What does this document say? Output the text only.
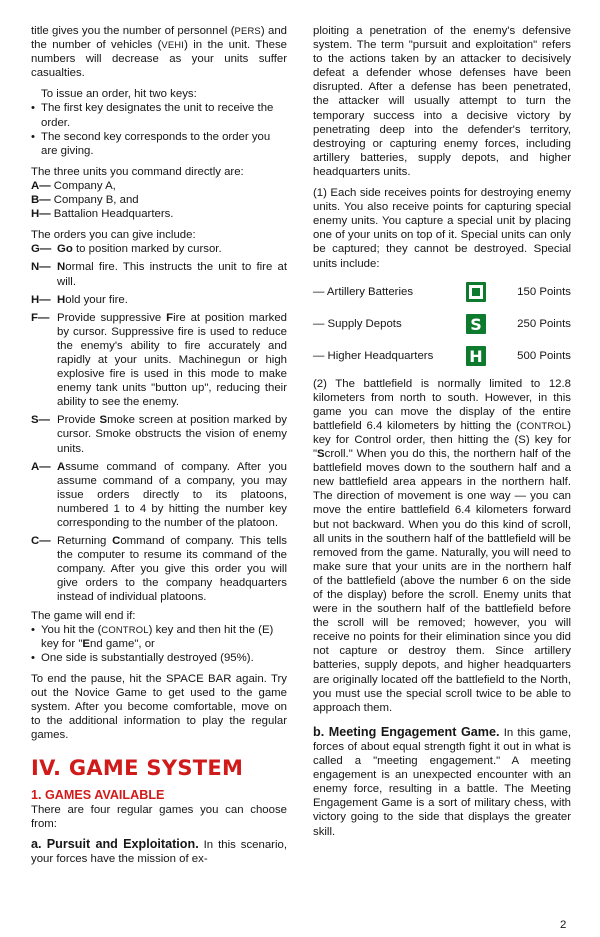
title gives you the number of personnel (PERS) and the number of vehicles (VEHI) in the unit. These numbers will decrease as your units suffer casualties.

To issue an order, hit two keys:

• The first key designates the unit to receive the order.
• The second key corresponds to the order you are giving.

The three units you command directly are:

A— Company A,
B— Company B, and
H— Battalion Headquarters.

The orders you can give include:

G— Go to position marked by cursor.
N— Normal fire. This instructs the unit to fire at will.
H— Hold your fire.
F— Provide suppressive Fire at position marked by cursor. Suppressive fire is used to reduce the enemy's ability to fire accurately and rapidly at your units. Machinegun or high explosive fire is used in this mode to make enemy tank units "button up", reducing their ability to see the enemy.
S— Provide Smoke screen at position marked by cursor. Smoke obstructs the vision of enemy units.
A— Assume command of company. After you assume command of a company, you may issue orders directly to its platoons, numbered 1 to 4 by hitting the number key corresponding to the number of the platoon.
C— Returning Command of company. This tells the computer to resume its command of the company. After you give this order you will give orders to the company headquarters instead of individual platoons.

The game will end if:

• You hit the (CONTROL) key and then hit the (E) key for "End game", or
• One side is substantially destroyed (95%).

To end the pause, hit the SPACE BAR again. Try out the Novice Game to get used to the game system. After you become comfortable, move on to the additional information to play the regular games.

IV. GAME SYSTEM

1. GAMES AVAILABLE

There are four regular games you can choose from:

a. Pursuit and Exploitation. In this scenario, your forces have the mission of ex-

ploiting a penetration of the enemy's defensive system. The term "pursuit and exploitation" refers to the actions taken by an attacker to decisively defeat a defender whose defenses have been disrupted. After a defense has been penetrated, the attacker will usually attempt to turn the temporary success into a decisive victory by penetrating deep into the defender's territory, destroying or capturing enemy forces, including artillery batteries, supply depots, and higher headquarters units.

(1) Each side receives points for destroying enemy units. You also receive points for capturing special enemy units. You capture a special unit by placing one of your units on top of it. Special units can only be captured; they cannot be destroyed. Special units include:

— Artillery Batteries	150 Points
— Supply Depots	S	250 Points
— Higher Headquarters	H	500 Points

(2) The battlefield is normally limited to 12.8 kilometers from north to south. However, in this game you can move the display of the entire battlefield 6.4 kilometers by hitting the (CONTROL) key for Control order, then hitting the (S) key for "Scroll." When you do this, the northern half of the battlefield moves down to the southern half and a new battlefield area appears in the northern half. The direction of movement is one way — you can move the entire battlefield 6.4 kilometers forward but not backward. When you do this kind of scroll, all units in the southern half of the battlefield will be removed from the game. Naturally, you will need to make sure that your units are in the northern half of the battlefield (above the number 6 on the side of the display) before the scroll. Enemy units that were in the southern half of the battlefield before the scroll will be removed; however, you will receive no points for their elimination since you did not capture or destroy them. Since artillery batteries, supply depots, and higher headquarters are originally located off the battlefield to the North, you must use the special scroll twice to be able to approach them.

b. Meeting Engagement Game. In this game, forces of about equal strength fight it out in what is called a "meeting engagement." A meeting engagement is an unexpected encounter with an enemy force, resulting in a battle. The Meeting Engagement Game is a sort of military chess, with victory going to the side that displays the greater skill.

2
